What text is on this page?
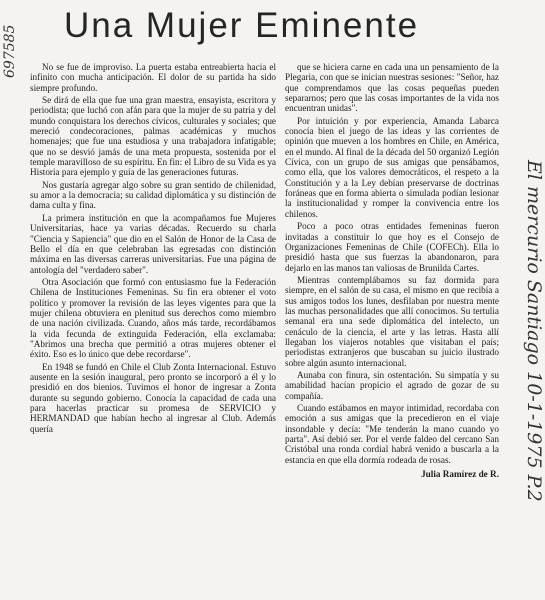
Una Mujer Eminente

No se fue de improviso. La puerta estaba entreabierta hacia el infinito con mucha anticipación. El dolor de su partida ha sido siempre profundo.

Se dirá de ella que fue una gran maestra, ensayista, escritora y periodista; que luchó con afán para que la mujer de su patria y del mundo conquistara los derechos cívicos, culturales y sociales; que mereció condecoraciones, palmas académicas y muchos homenajes; que fue una estudiosa y una trabajadora infatigable; que no se desvió jamás de una meta propuesta, sostenida por el temple maravilloso de su espíritu. En fin: el Libro de su Vida es ya Historia para ejemplo y guía de las generaciones futuras.

Nos gustaría agregar algo sobre su gran sentido de chilenidad, su amor a la democracia; su calidad diplomática y su distinción de dama culta y fina.

La primera institución en que la acompañamos fue Mujeres Universitarias, hace ya varias décadas. Recuerdo su charla "Ciencia y Sapiencia" que dio en el Salón de Honor de la Casa de Bello el día en que celebraban las egresadas con distinción máxima en las diversas carreras universitarias. Fue una página de antología del "verdadero saber".

Otra Asociación que formó con entusiasmo fue la Federación Chilena de Instituciones Femeninas. Su fin era obtener el voto político y promover la revisión de las leyes vigentes para que la mujer chilena obtuviera en plenitud sus derechos como miembro de una nación civilizada. Cuando, años más tarde, recordábamos la vida fecunda de extinguida Federación, ella exclamaba: "Abrimos una brecha que permitió a otras mujeres obtener el éxito. Eso es lo único que debe recordarse".

En 1948 se fundó en Chile el Club Zonta Internacional. Estuvo ausente en la sesión inaugural, pero pronto se incorporó a él y lo presidió en dos bienios. Tuvimos el honor de ingresar a Zonta durante su segundo gobierno. Conocía la capacidad de cada una para hacerlas practicar su promesa de SERVICIO y HERMANDAD que habían hecho al ingresar al Club. Además quería

que se hiciera carne en cada una un pensamiento de la Plegaria, con que se inician nuestras sesiones: "Señor, haz que comprendamos que las cosas pequeñas pueden separarnos; pero que las cosas importantes de la vida nos encuentran unidas".

Por intuición y por experiencia, Amanda Labarca conocía bien el juego de las ideas y las corrientes de opinión que mueven a los hombres en Chile, en América, en el mundo. Al final de la década del 50 organizó Legión Cívica, con un grupo de sus amigas que pensábamos, como ella, que los valores democráticos, el respeto a la Constitución y a la Ley debían preservarse de doctrinas foráneas que en forma abierta o simulada podían lesionar la institucionalidad y romper la convivencia entre los chilenos.

Poco a poco otras entidades femeninas fueron invitadas a constituir lo que hoy es el Consejo de Organizaciones Femeninas de Chile (COFECh). Ella lo presidió hasta que sus fuerzas la abandonaron, para dejarlo en las manos tan valiosas de Brunilda Cartes.

Mientras contemplábamos su faz dormida para siempre, en el salón de su casa, el mismo en que recibía a sus amigos todos los lunes, desfilaban por nuestra mente las muchas personalidades que allí conocimos. Su tertulia semanal era una sede diplomática del intelecto, un cenáculo de la ciencia, el arte y las letras. Hasta allí llegaban los viajeros notables que visitaban el país; periodistas extranjeros que buscaban su juicio ilustrado sobre algún asunto internacional.

Aunaba con finura, sin ostentación. Su simpatía y su amabilidad hacían propicio el agrado de gozar de su compañía.

Cuando estábamos en mayor intimidad, recordaba con emoción a sus amigas que la precedieron en el viaje insondable y decía: "Me tenderán la mano cuando yo parta". Así debió ser. Por el verde faldeo del cercano San Cristóbal una ronda cordial habrá venido a buscarla a la estancia en que ella dormía rodeada de rosas.

Julia Ramírez de R.

697585
El mercurio Santiago 10-1-1975 P.2
